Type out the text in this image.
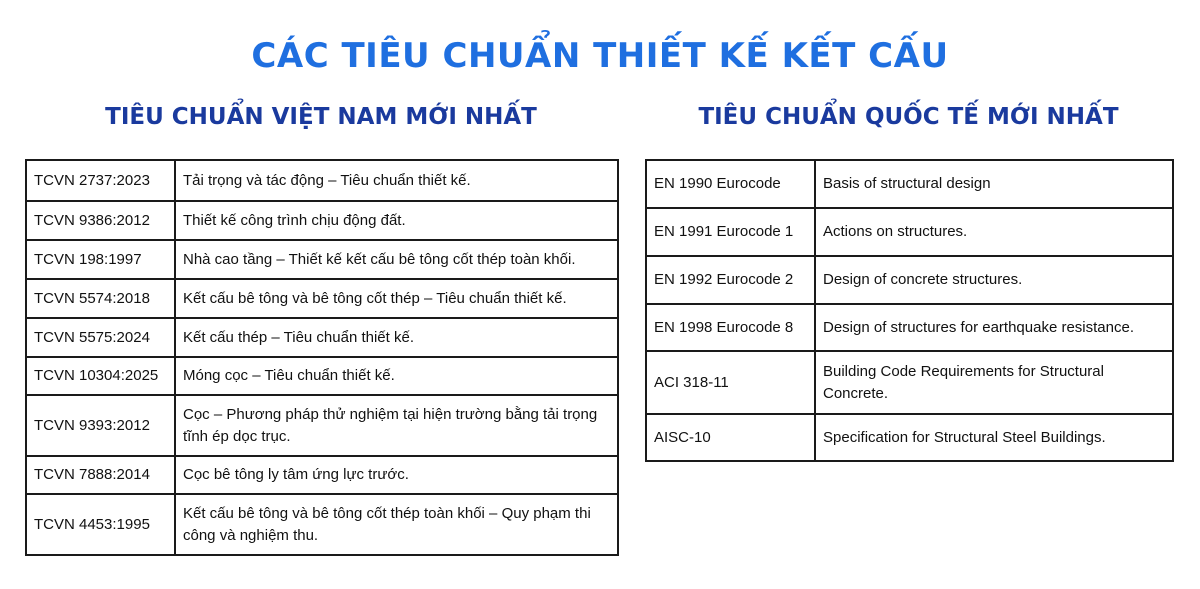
CÁC TIÊU CHUẨN THIẾT KẾ KẾT CẤU
TIÊU CHUẨN VIỆT NAM MỚI NHẤT	TIÊU CHUẨN QUỐC TẾ MỚI NHẤT
TCVN 2737:2023	Tải trọng và tác động – Tiêu chuẩn thiết kế.
TCVN 9386:2012	Thiết kế công trình chịu động đất.
TCVN 198:1997	Nhà cao tầng – Thiết kế kết cấu bê tông cốt thép toàn khối.
TCVN 5574:2018	Kết cấu bê tông và bê tông cốt thép – Tiêu chuẩn thiết kế.
TCVN 5575:2024	Kết cấu thép – Tiêu chuẩn thiết kế.
TCVN 10304:2025	Móng cọc – Tiêu chuẩn thiết kế.
TCVN 9393:2012	Cọc – Phương pháp thử nghiệm tại hiện trường bằng tải trọng tĩnh ép dọc trục.
TCVN 7888:2014	Cọc bê tông ly tâm ứng lực trước.
TCVN 4453:1995	Kết cấu bê tông và bê tông cốt thép toàn khối – Quy phạm thi công và nghiệm thu.
EN 1990 Eurocode	Basis of structural design
EN 1991 Eurocode 1	Actions on structures.
EN 1992 Eurocode 2	Design of concrete structures.
EN 1998 Eurocode 8	Design of structures for earthquake resistance.
ACI 318-11	Building Code Requirements for Structural Concrete.
AISC-10	Specification for Structural Steel Buildings.
